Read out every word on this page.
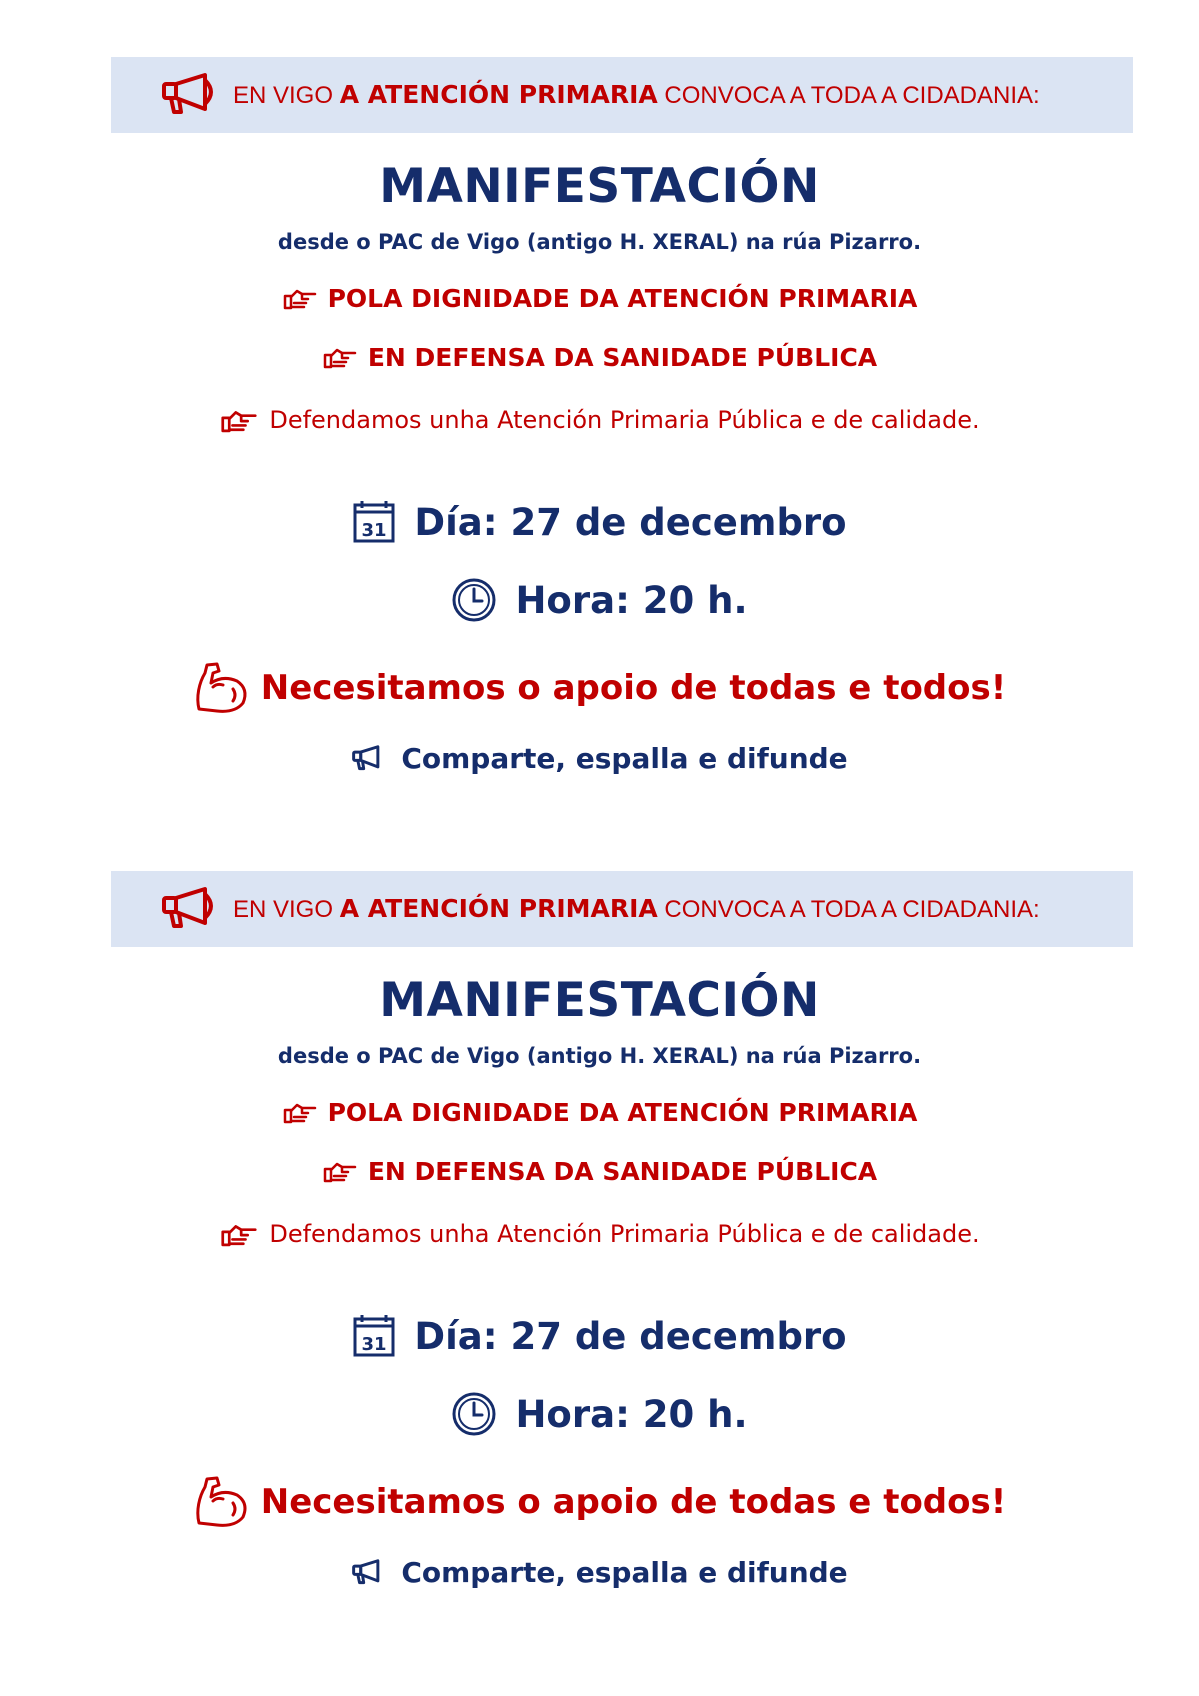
EN VIGO A ATENCIÓN PRIMARIA CONVOCA A TODA A CIDADANIA:
MANIFESTACIÓN
desde o PAC de Vigo (antigo H. XERAL) na rúa Pizarro.
POLA DIGNIDADE DA ATENCIÓN PRIMARIA
EN DEFENSA DA SANIDADE PÚBLICA
Defendamos unha Atención Primaria Pública e de calidade.
31 Día: 27 de decembro
Hora: 20 h.
Necesitamos o apoio de todas e todos!
Comparte, espalla e difunde
EN VIGO A ATENCIÓN PRIMARIA CONVOCA A TODA A CIDADANIA:
MANIFESTACIÓN
desde o PAC de Vigo (antigo H. XERAL) na rúa Pizarro.
POLA DIGNIDADE DA ATENCIÓN PRIMARIA
EN DEFENSA DA SANIDADE PÚBLICA
Defendamos unha Atención Primaria Pública e de calidade.
31 Día: 27 de decembro
Hora: 20 h.
Necesitamos o apoio de todas e todos!
Comparte, espalla e difunde
